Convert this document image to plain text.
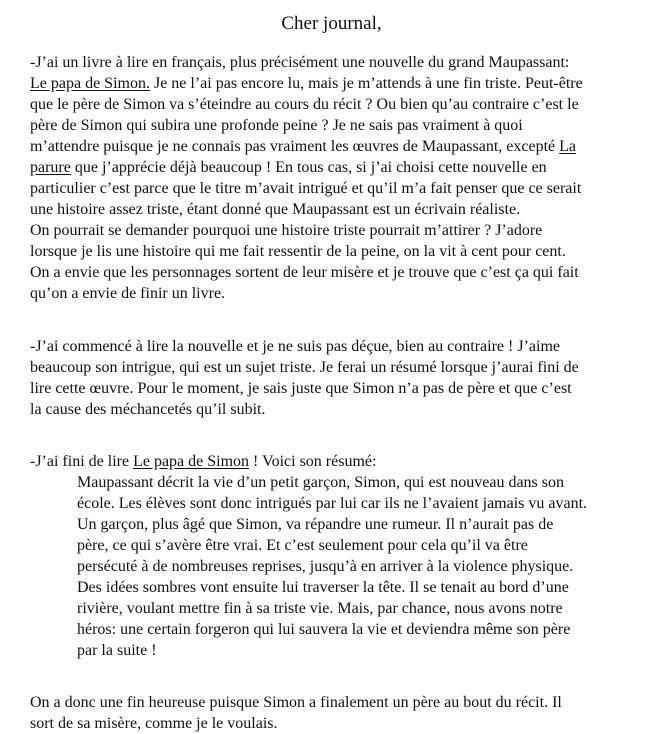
Cher journal,
-J’ai un livre à lire en français, plus précisément une nouvelle du grand Maupassant:
Le papa de Simon. Je ne l’ai pas encore lu, mais je m’attends à une fin triste. Peut-être
que le père de Simon va s’éteindre au cours du récit ? Ou bien qu’au contraire c’est le
père de Simon qui subira une profonde peine ? Je ne sais pas vraiment à quoi
m’attendre puisque je ne connais pas vraiment les œuvres de Maupassant, excepté La
parure que j’apprécie déjà beaucoup ! En tous cas, si j’ai choisi cette nouvelle en
particulier c’est parce que le titre m’avait intrigué et qu’il m’a fait penser que ce serait
une histoire assez triste, étant donné que Maupassant est un écrivain réaliste.
On pourrait se demander pourquoi une histoire triste pourrait m’attirer ? J’adore
lorsque je lis une histoire qui me fait ressentir de la peine, on la vit à cent pour cent.
On a envie que les personnages sortent de leur misère et je trouve que c’est ça qui fait
qu’on a envie de finir un livre.
-J’ai commencé à lire la nouvelle et je ne suis pas déçue, bien au contraire ! J’aime
beaucoup son intrigue, qui est un sujet triste. Je ferai un résumé lorsque j’aurai fini de
lire cette œuvre. Pour le moment, je sais juste que Simon n’a pas de père et que c’est
la cause des méchancetés qu’il subit.
-J’ai fini de lire Le papa de Simon ! Voici son résumé:
Maupassant décrit la vie d’un petit garçon, Simon, qui est nouveau dans son
école. Les élèves sont donc intrigués par lui car ils ne l’avaient jamais vu avant.
Un garçon, plus âgé que Simon, va répandre une rumeur. Il n’aurait pas de
père, ce qui s’avère être vrai. Et c’est seulement pour cela qu’il va être
persécuté à de nombreuses reprises, jusqu’à en arriver à la violence physique.
Des idées sombres vont ensuite lui traverser la tête. Il se tenait au bord d’une
rivière, voulant mettre fin à sa triste vie. Mais, par chance, nous avons notre
héros: une certain forgeron qui lui sauvera la vie et deviendra même son père
par la suite !
On a donc une fin heureuse puisque Simon a finalement un père au bout du récit. Il
sort de sa misère, comme je le voulais.
